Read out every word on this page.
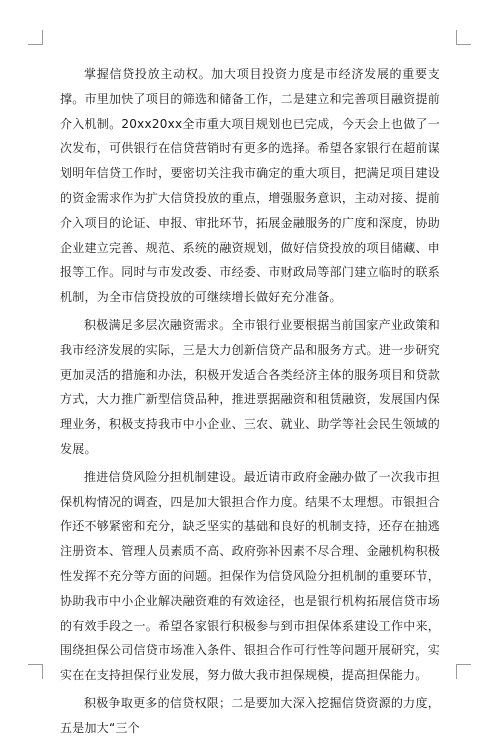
掌握信贷投放主动权。加大项目投资力度是市经济发展的重要支撑。市里加快了项目的筛选和储备工作，二是建立和完善项目融资提前介入机制。20xx20xx全市重大项目规划也已完成，今天会上也做了一次发布，可供银行在信贷营销时有更多的选择。希望各家银行在超前谋划明年信贷工作时，要密切关注我市确定的重大项目，把满足项目建设的资金需求作为扩大信贷投放的重点，增强服务意识，主动对接、提前介入项目的论证、申报、审批环节，拓展金融服务的广度和深度，协助企业建立完善、规范、系统的融资规划，做好信贷投放的项目储藏、申报等工作。同时与市发改委、市经委、市财政局等部门建立临时的联系机制，为全市信贷投放的可继续增长做好充分准备。

积极满足多层次融资需求。全市银行业要根据当前国家产业政策和我市经济发展的实际，三是大力创新信贷产品和服务方式。进一步研究更加灵活的措施和办法，积极开发适合各类经济主体的服务项目和贷款方式，大力推广新型信贷品种，推进票据融资和租赁融资，发展国内保理业务，积极支持我市中小企业、三农、就业、助学等社会民生领域的发展。

推进信贷风险分担机制建设。最近请市政府金融办做了一次我市担保机构情况的调查，四是加大银担合作力度。结果不太理想。市银担合作还不够紧密和充分，缺乏坚实的基础和良好的机制支持，还存在抽逃注册资本、管理人员素质不高、政府弥补因素不尽合理、金融机构积极性发挥不充分等方面的问题。担保作为信贷风险分担机制的重要环节，协助我市中小企业解决融资难的有效途径，也是银行机构拓展信贷市场的有效手段之一。希望各家银行积极参与到市担保体系建设工作中来，围绕担保公司信贷市场准入条件、银担合作可行性等问题开展研究，实实在在支持担保行业发展，努力做大我市担保规模，提高担保能力。

积极争取更多的信贷权限；二是要加大深入挖掘信贷资源的力度，五是加大“三个
